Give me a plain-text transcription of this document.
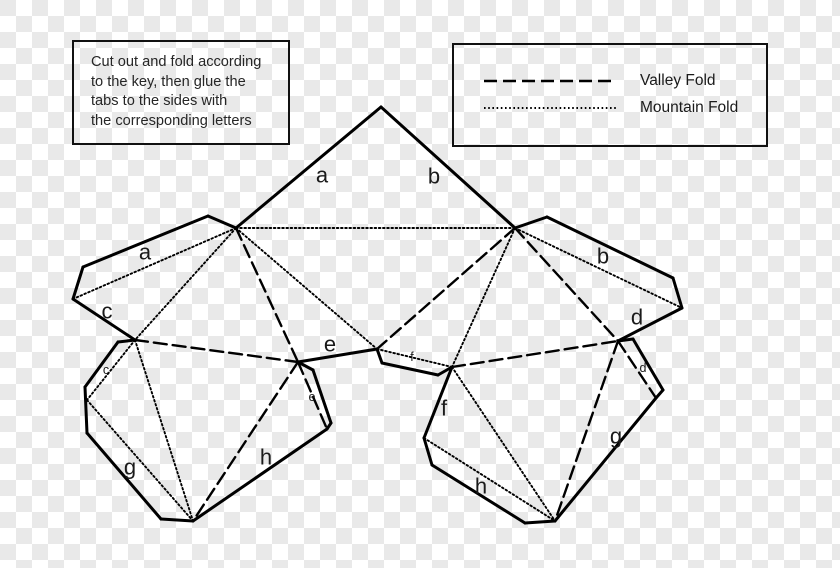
a	b
a
c
b
d
e
f
g	h
g
h
c
e
f
d
Cut out and fold according
to the key, then glue the
tabs to the sides with
the corresponding letters
Valley Fold
Mountain Fold
